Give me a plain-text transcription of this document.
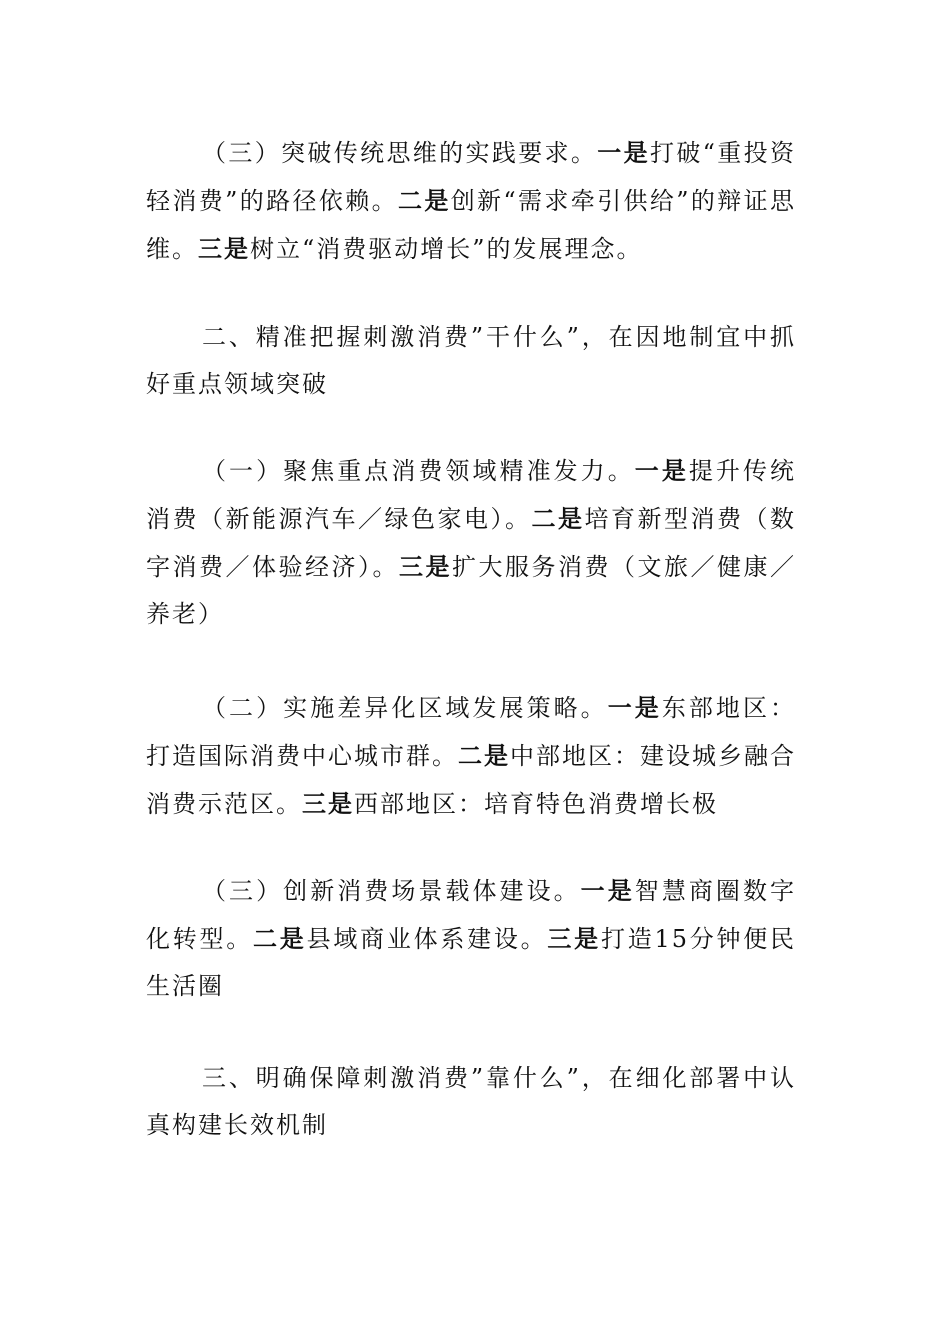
（三）突破传统思维的实践要求。一是打破“重投资轻消费”的路径依赖。二是创新“需求牵引供给”的辩证思维。三是树立“消费驱动增长”的发展理念。

二、精准把握刺激消费”干什么”，在因地制宜中抓好重点领域突破

（一）聚焦重点消费领域精准发力。一是提升传统消费（新能源汽车／绿色家电）。二是培育新型消费（数字消费／体验经济）。三是扩大服务消费（文旅／健康／养老）

（二）实施差异化区域发展策略。一是东部地区：打造国际消费中心城市群。二是中部地区：建设城乡融合消费示范区。三是西部地区：培育特色消费增长极

（三）创新消费场景载体建设。一是智慧商圈数字化转型。二是县域商业体系建设。三是打造15分钟便民生活圈

三、明确保障刺激消费”靠什么”，在细化部署中认真构建长效机制
